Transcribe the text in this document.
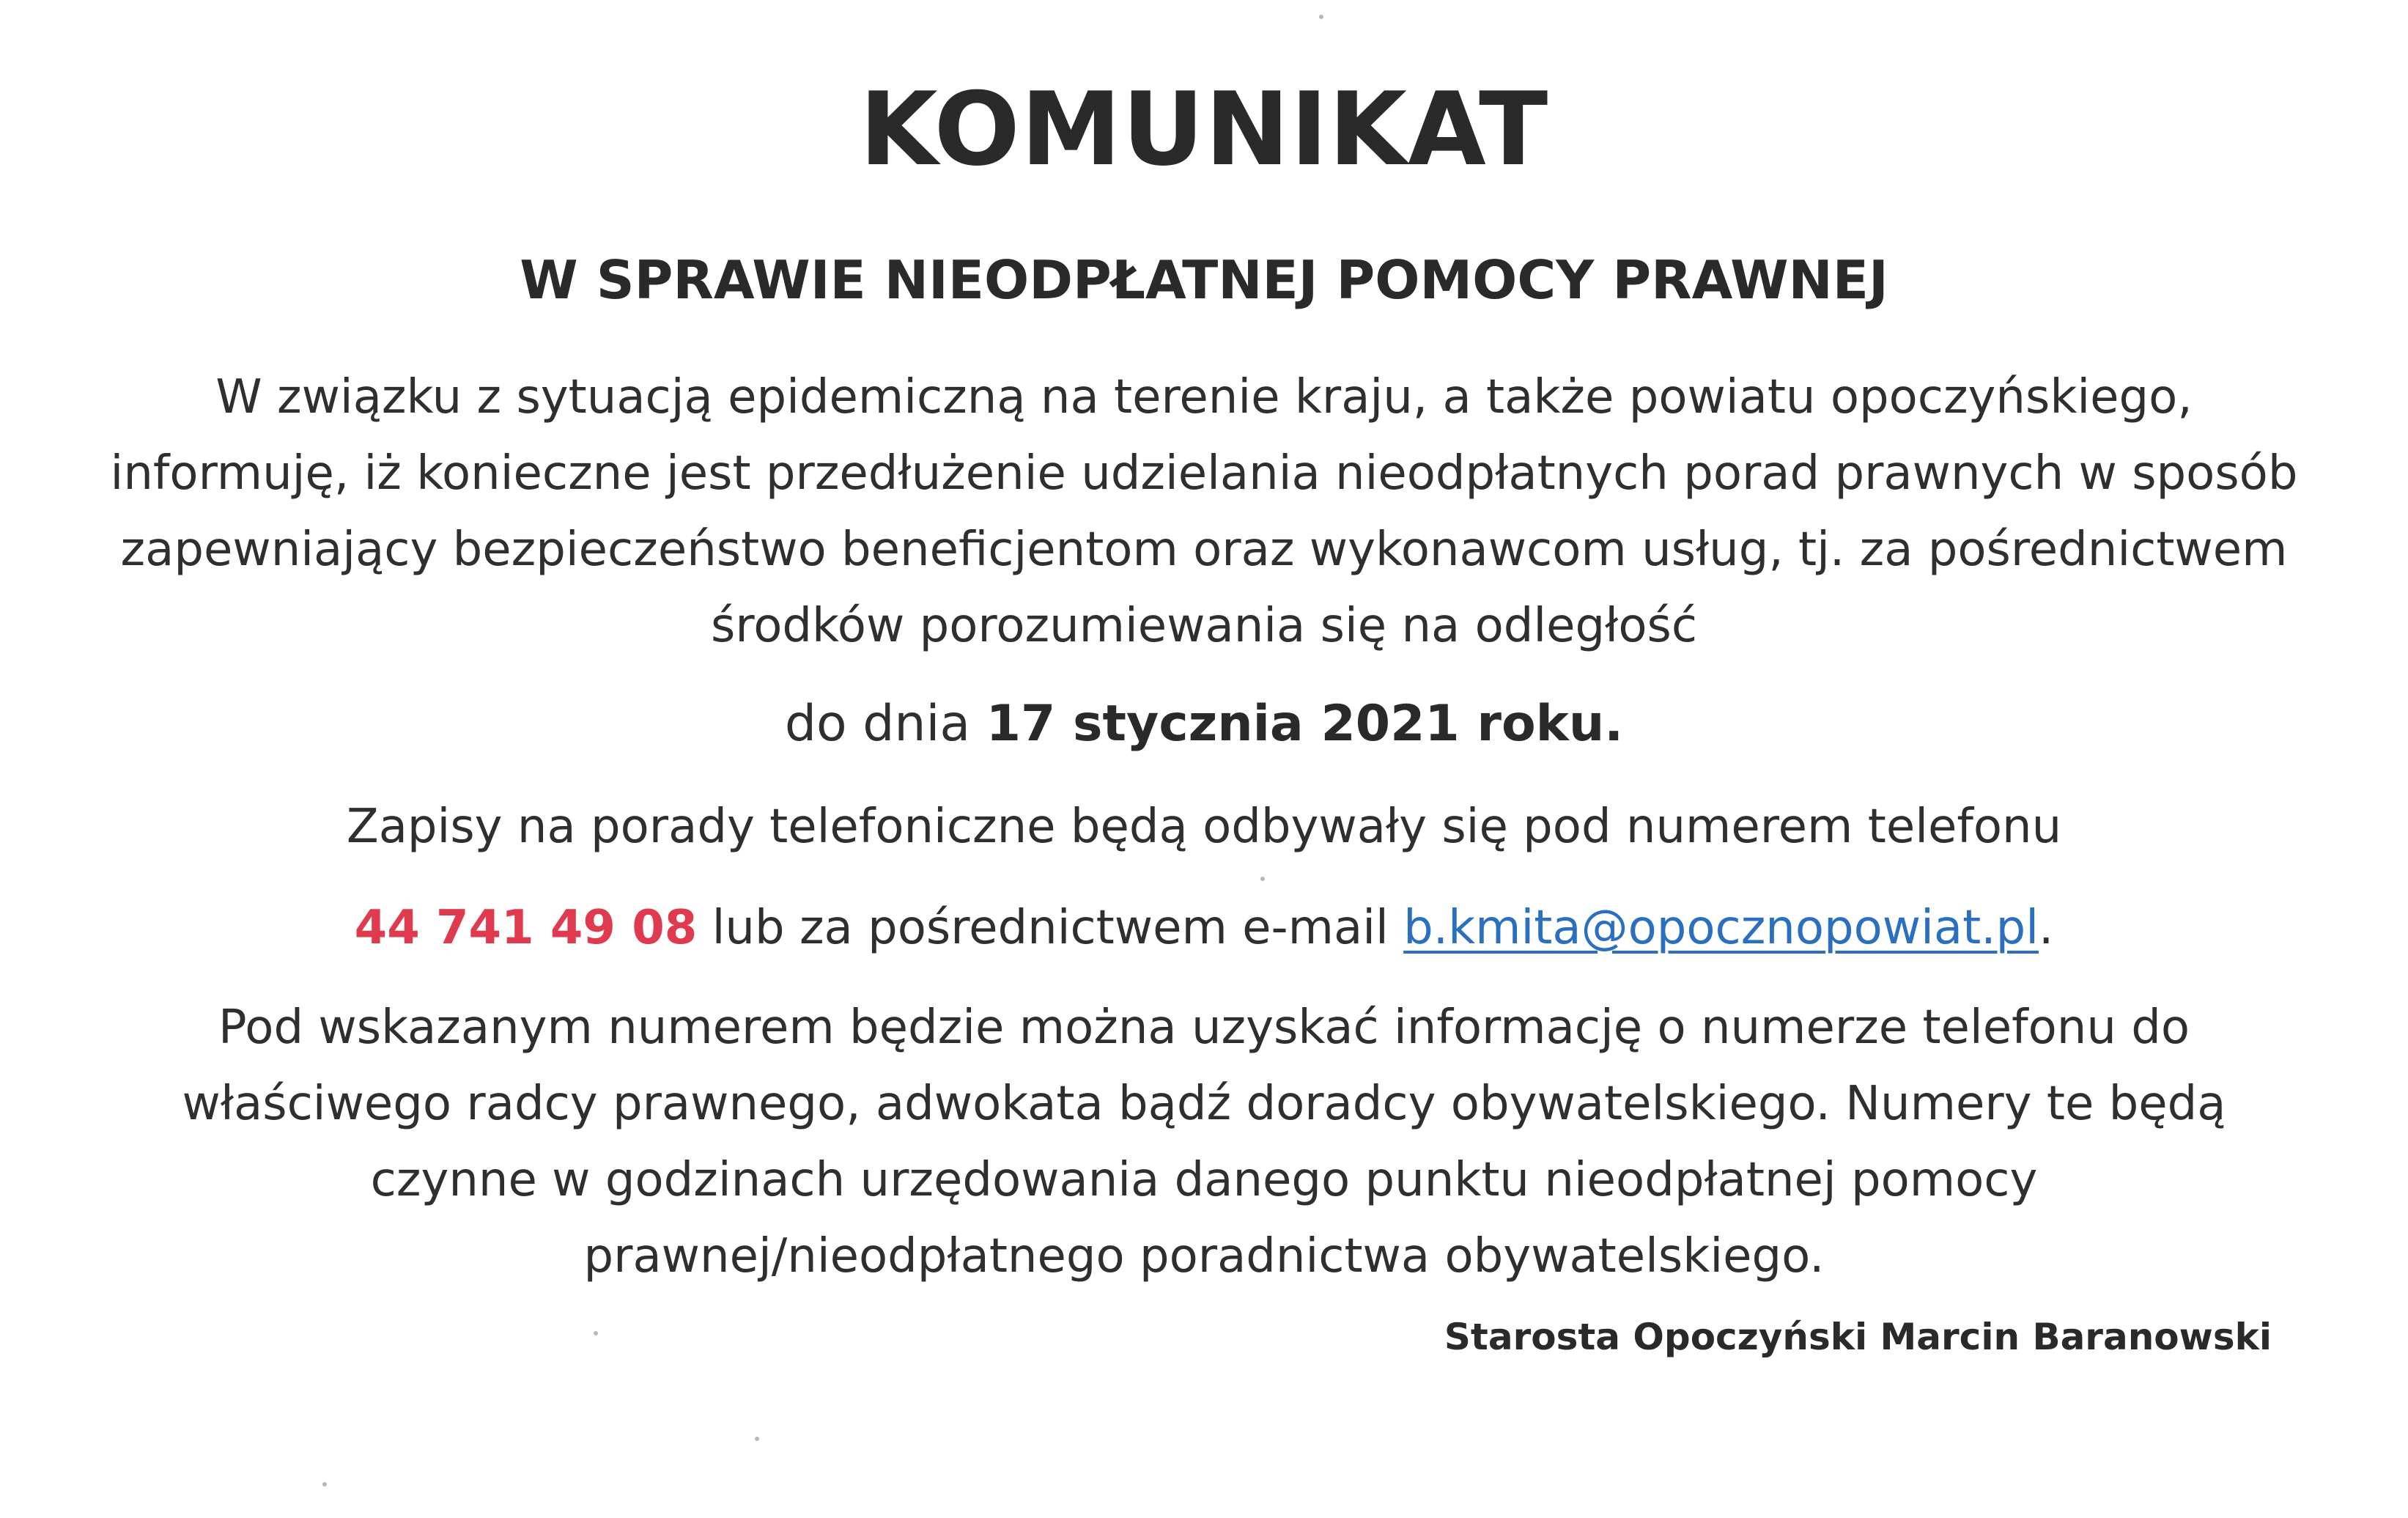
KOMUNIKAT
W SPRAWIE NIEODPŁATNEJ POMOCY PRAWNEJ
W związku z sytuacją epidemiczną na terenie kraju, a także powiatu opoczyńskiego, informuję, iż konieczne jest przedłużenie udzielania nieodpłatnych porad prawnych w sposób zapewniający bezpieczeństwo beneficjentom oraz wykonawcom usług, tj. za pośrednictwem środków porozumiewania się na odległość
do dnia 17 stycznia 2021 roku.
Zapisy na porady telefoniczne będą odbywały się pod numerem telefonu
44 741 49 08 lub za pośrednictwem e-mail b.kmita@opocznopowiat.pl.
Pod wskazanym numerem będzie można uzyskać informację o numerze telefonu do właściwego radcy prawnego, adwokata bądź doradcy obywatelskiego. Numery te będą czynne w godzinach urzędowania danego punktu nieodpłatnej pomocy prawnej/nieodpłatnego poradnictwa obywatelskiego.
Starosta Opoczyński Marcin Baranowski
